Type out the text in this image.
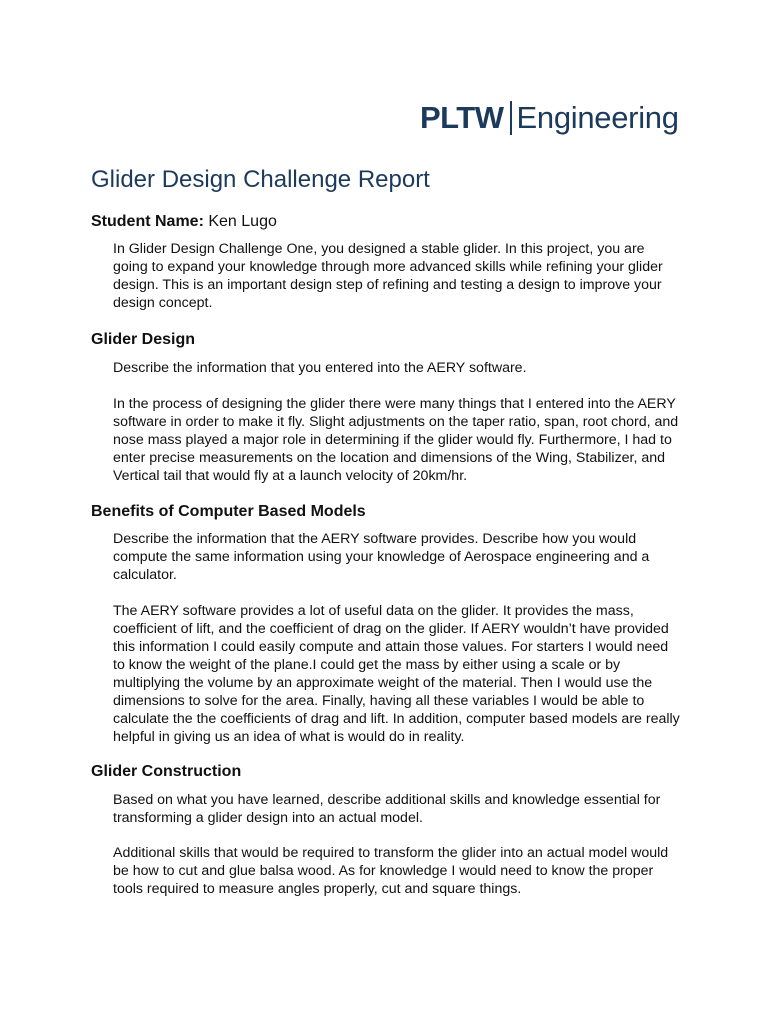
PLTW Engineering
Glider Design Challenge Report
Student Name: Ken Lugo

In Glider Design Challenge One, you designed a stable glider. In this project, you are going to expand your knowledge through more advanced skills while refining your glider design. This is an important design step of refining and testing a design to improve your design concept.

Glider Design

Describe the information that you entered into the AERY software.

In the process of designing the glider there were many things that I entered into the AERY software in order to make it fly. Slight adjustments on the taper ratio, span, root chord, and nose mass played a major role in determining if the glider would fly. Furthermore, I had to enter precise measurements on the location and dimensions of the Wing, Stabilizer, and Vertical tail that would fly at a launch velocity of 20km/hr.

Benefits of Computer Based Models

Describe the information that the AERY software provides. Describe how you would compute the same information using your knowledge of Aerospace engineering and a calculator.

The AERY software provides a lot of useful data on the glider. It provides the mass, coefficient of lift, and the coefficient of drag on the glider. If AERY wouldn’t have provided this information I could easily compute and attain those values. For starters I would need to know the weight of the plane.I could get the mass by either using a scale or by multiplying the volume by an approximate weight of the material. Then I would use the dimensions to solve for the area. Finally, having all these variables I would be able to calculate the the coefficients of drag and lift. In addition, computer based models are really helpful in giving us an idea of what is would do in reality.

Glider Construction

Based on what you have learned, describe additional skills and knowledge essential for transforming a glider design into an actual model.

Additional skills that would be required to transform the glider into an actual model would be how to cut and glue balsa wood. As for knowledge I would need to know the proper tools required to measure angles properly, cut and square things.
